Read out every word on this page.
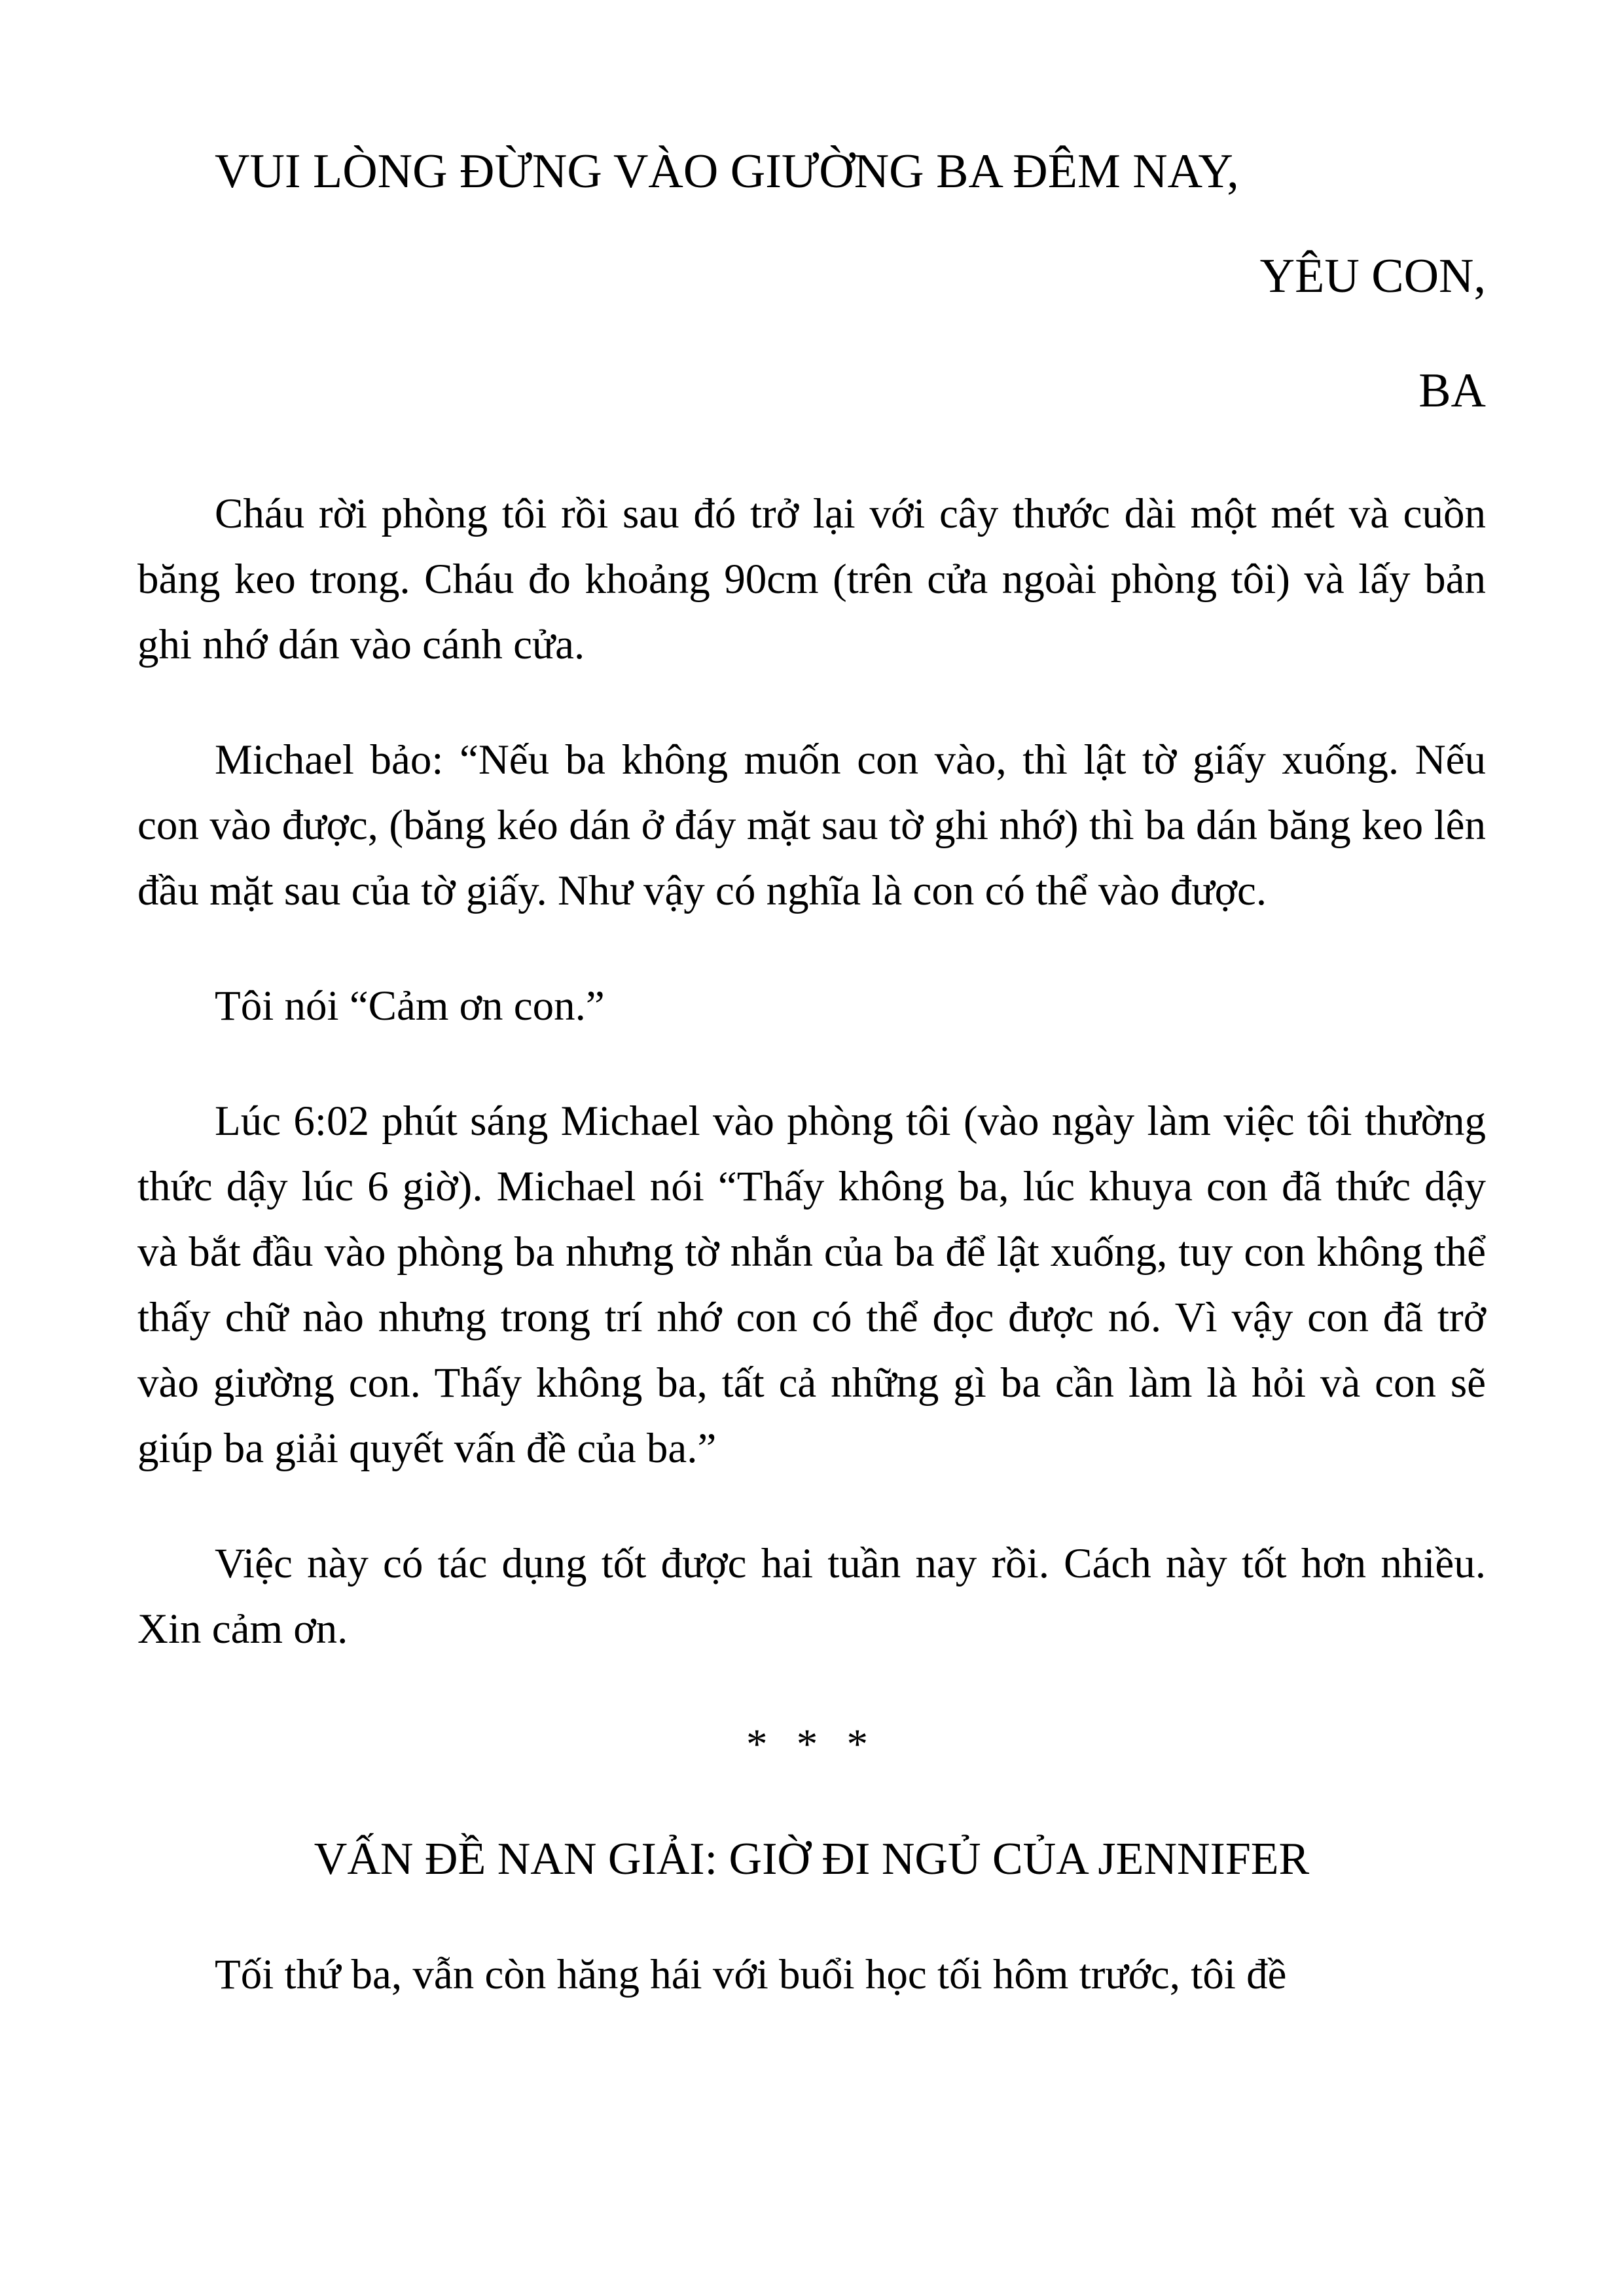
VUI LÒNG ĐỪNG VÀO GIƯỜNG BA ĐÊM NAY,

YÊU CON,

BA

Cháu rời phòng tôi rồi sau đó trở lại với cây thước dài một mét và cuồn băng keo trong. Cháu đo khoảng 90cm (trên cửa ngoài phòng tôi) và lấy bản ghi nhớ dán vào cánh cửa.

Michael bảo: “Nếu ba không muốn con vào, thì lật tờ giấy xuống. Nếu con vào được, (băng kéo dán ở đáy mặt sau tờ ghi nhớ) thì ba dán băng keo lên đầu mặt sau của tờ giấy. Như vậy có nghĩa là con có thể vào được.

Tôi nói “Cảm ơn con.”

Lúc 6:02 phút sáng Michael vào phòng tôi (vào ngày làm việc tôi thường thức dậy lúc 6 giờ). Michael nói “Thấy không ba, lúc khuya con đã thức dậy và bắt đầu vào phòng ba nhưng tờ nhắn của ba để lật xuống, tuy con không thể thấy chữ nào nhưng trong trí nhớ con có thể đọc được nó. Vì vậy con đã trở vào giường con. Thấy không ba, tất cả những gì ba cần làm là hỏi và con sẽ giúp ba giải quyết vấn đề của ba.”

Việc này có tác dụng tốt được hai tuần nay rồi. Cách này tốt hơn nhiều. Xin cảm ơn.

* * *

VẤN ĐỀ NAN GIẢI: GIỜ ĐI NGỦ CỦA JENNIFER

Tối thứ ba, vẫn còn hăng hái với buổi học tối hôm trước, tôi đề
